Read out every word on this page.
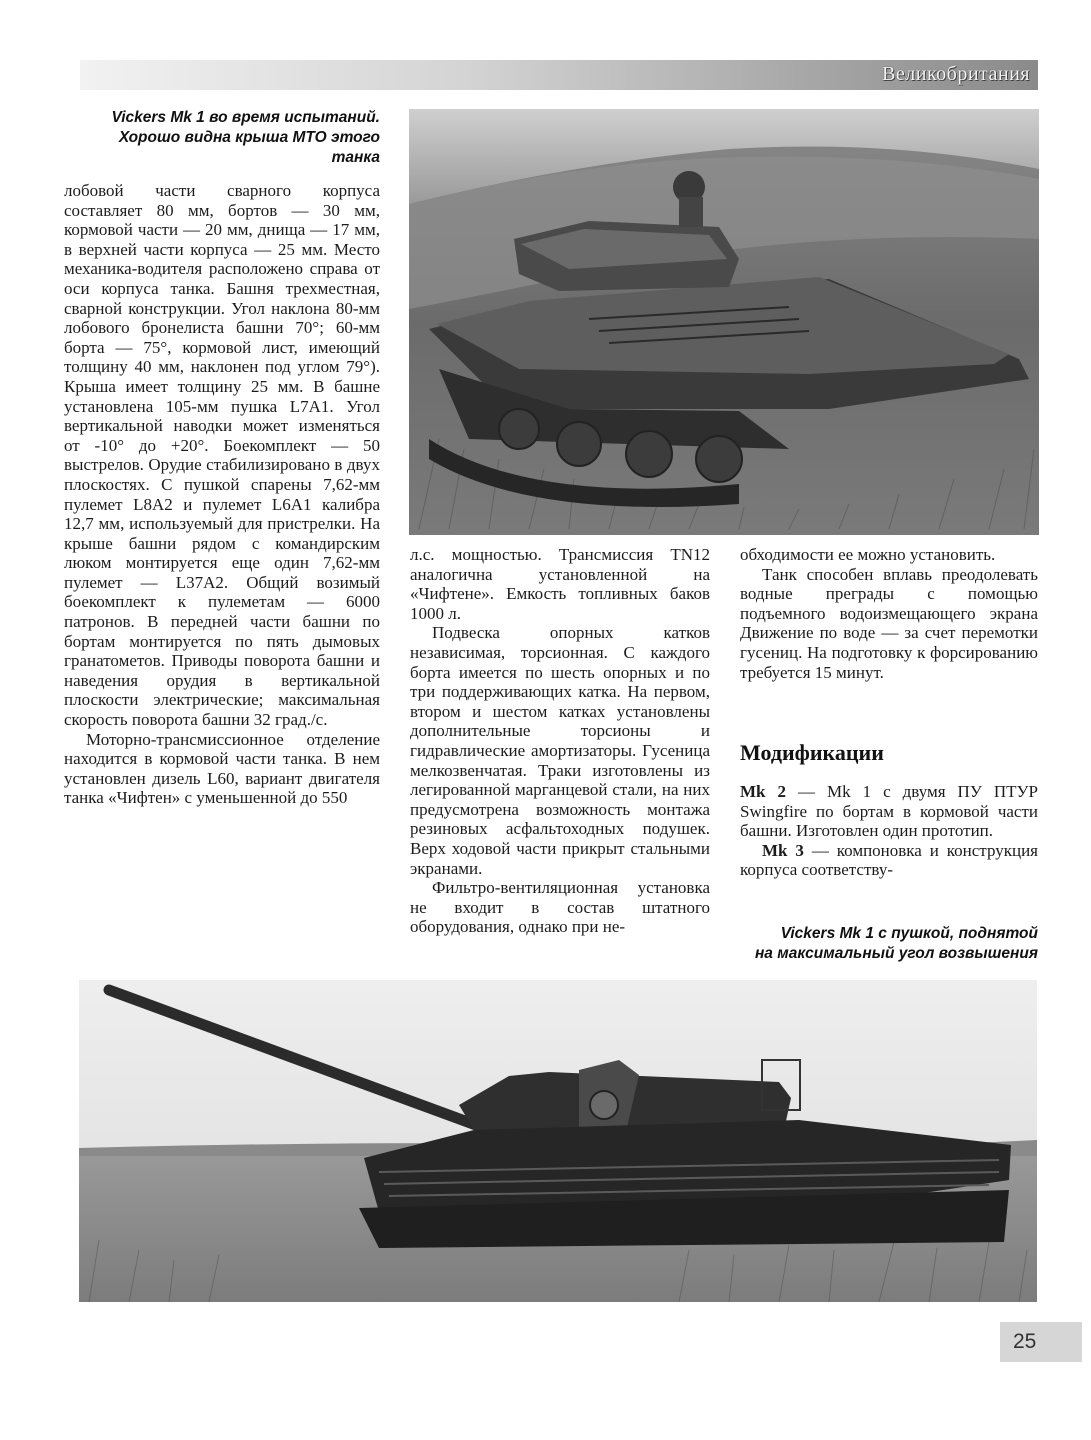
Великобритания
Vickers Mk 1 во время испытаний.
Хорошо видна крыша МТО этого
танка

лобовой части сварного корпуса составляет 80 мм, бортов — 30 мм, кормовой части — 20 мм, днища — 17 мм, в верхней части корпуса — 25 мм. Место механика-водителя расположено справа от оси корпуса танка. Башня трехместная, сварной конструкции. Угол наклона 80-мм лобового бронелиста башни 70°; 60-мм борта — 75°, кормовой лист, имеющий толщину 40 мм, наклонен под углом 79°). Крыша имеет толщину 25 мм. В башне установлена 105-мм пушка L7A1. Угол вертикальной наводки может изменяться от -10° до +20°. Боекомплект — 50 выстрелов. Орудие стабилизировано в двух плоскостях. С пушкой спарены 7,62-мм пулемет L8A2 и пулемет L6A1 калибра 12,7 мм, используемый для пристрелки. На крыше башни рядом с командирским люком монтируется еще один 7,62-мм пулемет — L37A2. Общий возимый боекомплект к пулеметам — 6000 патронов. В передней части башни по бортам монтируется по пять дымовых гранатометов. Приводы поворота башни и наведения орудия в вертикальной плоскости электрические; максимальная скорость поворота башни 32 град./с.

Моторно-трансмиссионное отделение находится в кормовой части танка. В нем установлен дизель L60, вариант двигателя танка «Чифтен» с уменьшенной до 550

л.с. мощностью. Трансмиссия TN12 аналогична установленной на «Чифтене». Емкость топливных баков 1000 л.

Подвеска опорных катков независимая, торсионная. С каждого борта имеется по шесть опорных и по три поддерживающих катка. На первом, втором и шестом катках установлены дополнительные торсионы и гидравлические амортизаторы. Гусеница мелкозвенчатая. Траки изготовлены из легированной марганцевой стали, на них предусмотрена возможность монтажа резиновых асфальтоходных подушек. Верх ходовой части прикрыт стальными экранами.

Фильтро-вентиляционная установка не входит в состав штатного оборудования, однако при не-

обходимости ее можно установить.

Танк способен вплавь преодолевать водные преграды с помощью подъемного водоизмещающего экрана Движение по воде — за счет перемотки гусениц. На подготовку к форсированию требуется 15 минут.

Модификации

Mk 2 — Mk 1 с двумя ПУ ПТУР Swingfire по бортам в кормовой части башни. Изготовлен один прототип.

Mk 3 — компоновка и конструкция корпуса соответству-

Vickers Mk 1 с пушкой, поднятой
на максимальный угол возвышения
25
